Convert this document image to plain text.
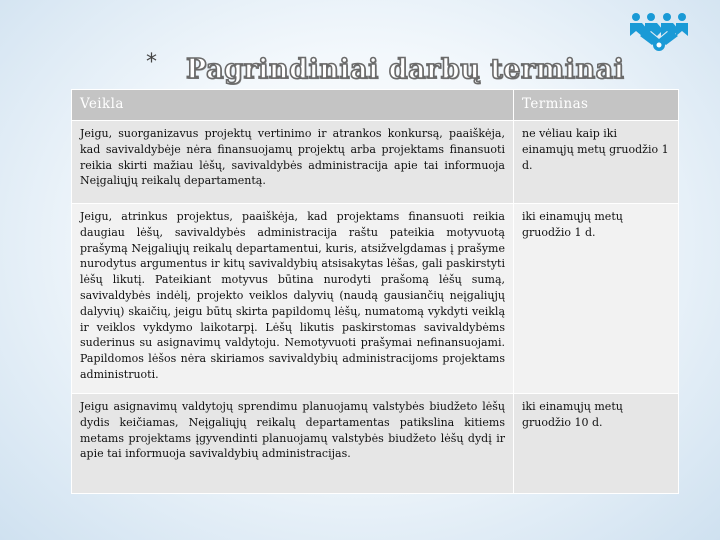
* Pagrindiniai darbų terminai
Veikla	Terminas
Jeigu, suorganizavus projektų vertinimo ir atrankos konkursą, paaiškėja, kad savivaldybėje nėra finansuojamų projektų arba projektams finansuoti reikia skirti mažiau lėšų, savivaldybės administracija apie tai informuoja Neįgaliųjų reikalų departamentą.	ne vėliau kaip iki einamųjų metų gruodžio 1 d.
Jeigu, atrinkus projektus, paaiškėja, kad projektams finansuoti reikia daugiau lėšų, savivaldybės administracija raštu pateikia motyvuotą prašymą Neįgaliųjų reikalų departamentui, kuris, atsižvelgdamas į prašyme nurodytus argumentus ir kitų savivaldybių atsisakytas lėšas, gali paskirstyti lėšų likutį. Pateikiant motyvus būtina nurodyti prašomą lėšų sumą, savivaldybės indėlį, projekto veiklos dalyvių (naudą gausiančių neįgaliųjų dalyvių) skaičių, jeigu būtų skirta papildomų lėšų, numatomą vykdyti veiklą ir veiklos vykdymo laikotarpį. Lėšų likutis paskirstomas savivaldybėms suderinus su asignavimų valdytoju. Nemotyvuoti prašymai nefinansuojami. Papildomos lėšos nėra skiriamos savivaldybių administracijoms projektams administruoti.	iki einamųjų metų gruodžio 1 d.
Jeigu asignavimų valdytojų sprendimu planuojamų valstybės biudžeto lėšų dydis keičiamas, Neįgaliųjų reikalų departamentas patikslina kitiems metams projektams įgyvendinti planuojamų valstybės biudžeto lėšų dydį ir apie tai informuoja savivaldybių administracijas.	iki einamųjų metų gruodžio 10 d.
